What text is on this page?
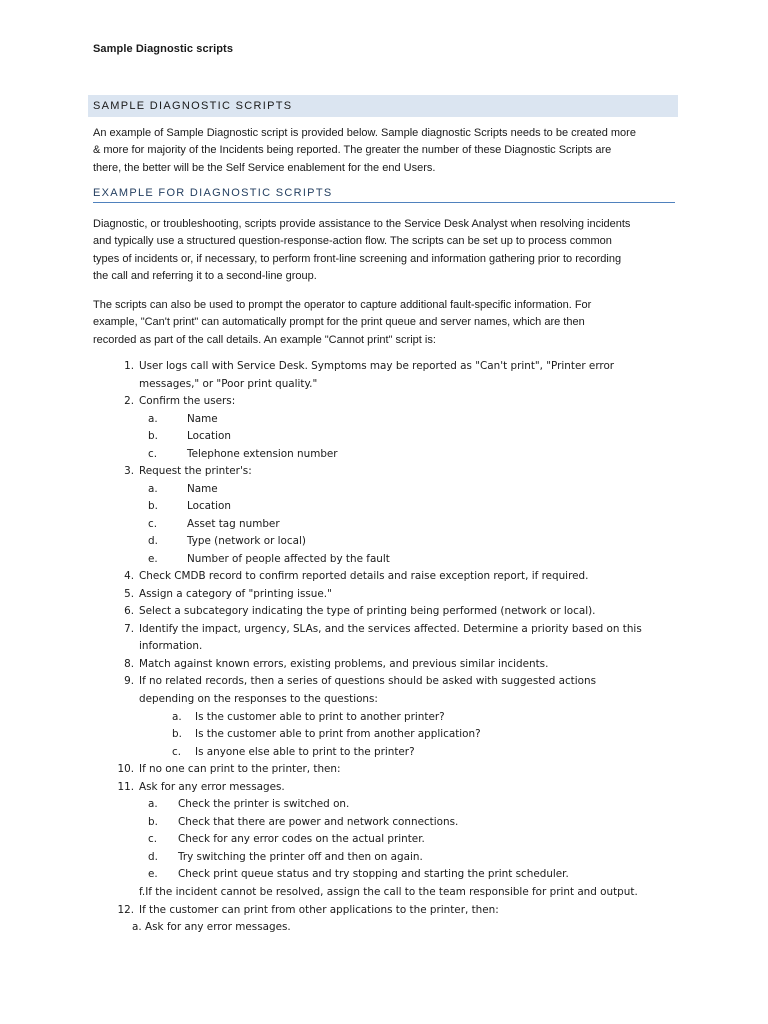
Sample Diagnostic scripts
SAMPLE DIAGNOSTIC SCRIPTS
An example of Sample Diagnostic script is provided below. Sample diagnostic Scripts needs to be created more
& more for majority of the Incidents being reported. The greater the number of these Diagnostic Scripts are
there, the better will be the Self Service enablement for the end Users.
EXAMPLE FOR DIAGNOSTIC SCRIPTS
Diagnostic, or troubleshooting, scripts provide assistance to the Service Desk Analyst when resolving incidents
and typically use a structured question-response-action flow. The scripts can be set up to process common
types of incidents or, if necessary, to perform front-line screening and information gathering prior to recording
the call and referring it to a second-line group.
The scripts can also be used to prompt the operator to capture additional fault-specific information. For
example, "Can't print" can automatically prompt for the print queue and server names, which are then
recorded as part of the call details. An example "Cannot print" script is:
1. User logs call with Service Desk. Symptoms may be reported as "Can't print", "Printer error
messages," or "Poor print quality."
2. Confirm the users:
a.	Name
b.	Location
c.	Telephone extension number
3. Request the printer's:
a.	Name
b.	Location
c.	Asset tag number
d.	Type (network or local)
e.	Number of people affected by the fault
4. Check CMDB record to confirm reported details and raise exception report, if required.
5. Assign a category of "printing issue."
6. Select a subcategory indicating the type of printing being performed (network or local).
7. Identify the impact, urgency, SLAs, and the services affected. Determine a priority based on this
information.
8. Match against known errors, existing problems, and previous similar incidents.
9. If no related records, then a series of questions should be asked with suggested actions
depending on the responses to the questions:
a. Is the customer able to print to another printer?
b. Is the customer able to print from another application?
c. Is anyone else able to print to the printer?
10. If no one can print to the printer, then:
11. Ask for any error messages.
a. Check the printer is switched on.
b. Check that there are power and network connections.
c. Check for any error codes on the actual printer.
d. Try switching the printer off and then on again.
e. Check print queue status and try stopping and starting the print scheduler.
f.If the incident cannot be resolved, assign the call to the team responsible for print and output.
12. If the customer can print from other applications to the printer, then:
a. Ask for any error messages.
